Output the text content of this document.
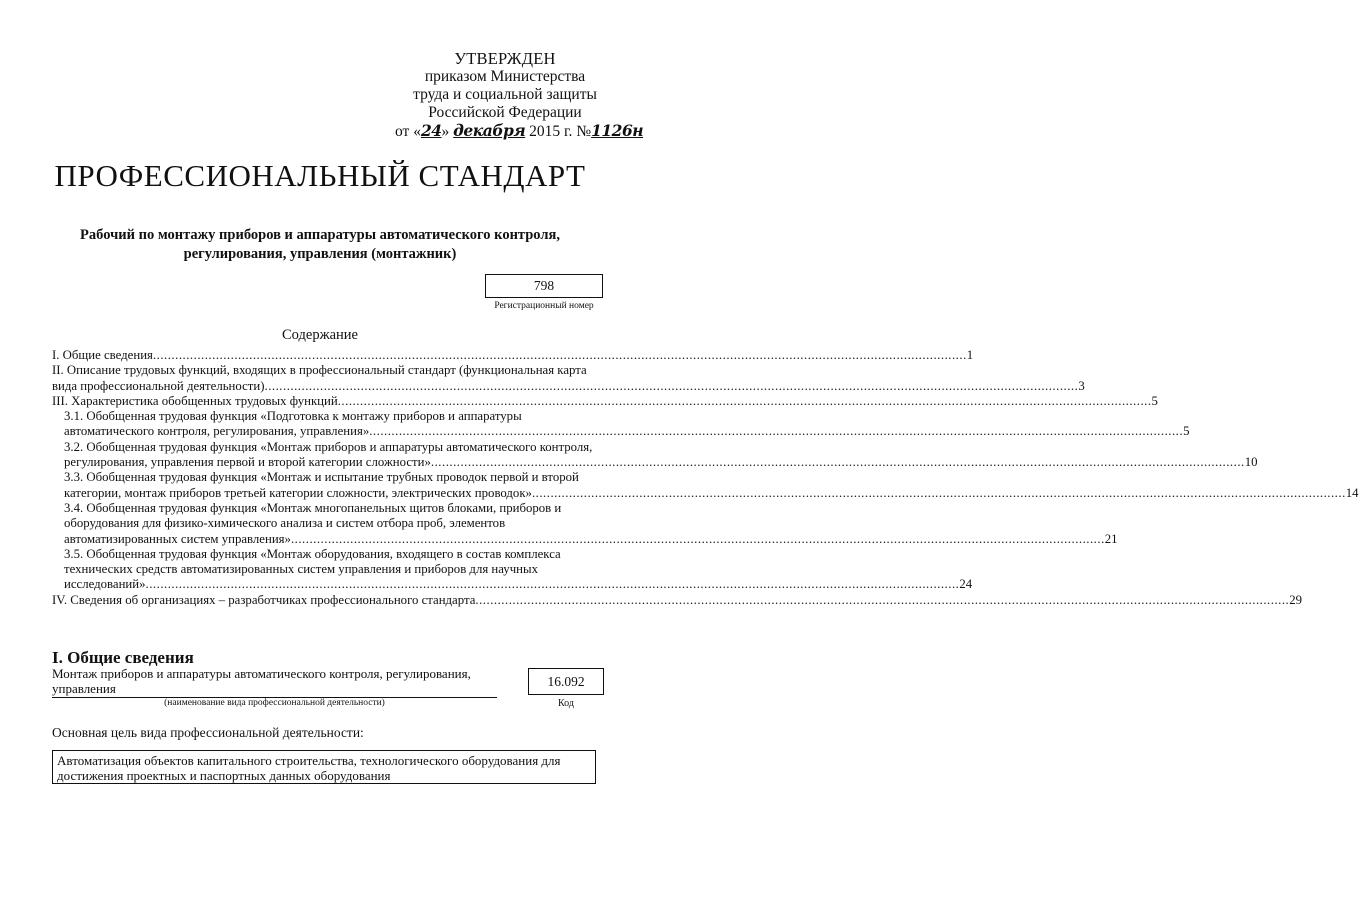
УТВЕРЖДЕН
приказом Министерства
труда и социальной защиты
Российской Федерации
от «24» декабря 2015 г. №1126н
ПРОФЕССИОНАЛЬНЫЙ СТАНДАРТ
Рабочий по монтажу приборов и аппаратуры автоматического контроля,
регулирования, управления (монтажник)
798
Регистрационный номер
Содержание
I. Общие сведения ............................................................................................................................................................................................................................ 1
II. Описание трудовых функций, входящих в профессиональный стандарт (функциональная карта
вида профессиональной деятельности) ............................................................................................................................................................................................................................ 3
III. Характеристика обобщенных трудовых функций ............................................................................................................................................................................................................................ 5
3.1. Обобщенная трудовая функция «Подготовка к монтажу приборов и аппаратуры
автоматического контроля, регулирования, управления» ............................................................................................................................................................................................................................ 5
3.2. Обобщенная трудовая функция «Монтаж приборов и аппаратуры автоматического контроля,
регулирования, управления первой и второй категории сложности» ............................................................................................................................................................................................................................ 10
3.3. Обобщенная трудовая функция «Монтаж и испытание трубных проводок первой и второй
категории, монтаж приборов третьей категории сложности, электрических проводок» ............................................................................................................................................................................................................................ 14
3.4. Обобщенная трудовая функция «Монтаж многопанельных щитов блоками, приборов и
оборудования для физико-химического анализа и систем отбора проб, элементов
автоматизированных систем управления» ............................................................................................................................................................................................................................ 21
3.5. Обобщенная трудовая функция «Монтаж оборудования, входящего в состав комплекса
технических средств автоматизированных систем управления и приборов для научных
исследований» ............................................................................................................................................................................................................................ 24
IV. Сведения об организациях – разработчиках профессионального стандарта ............................................................................................................................................................................................................................ 29
I. Общие сведения
Монтаж приборов и аппаратуры автоматического контроля, регулирования,
управления	16.092
(наименование вида профессиональной деятельности)	Код
Основная цель вида профессиональной деятельности:
Автоматизация объектов капитального строительства, технологического оборудования для
достижения проектных и паспортных данных оборудования
